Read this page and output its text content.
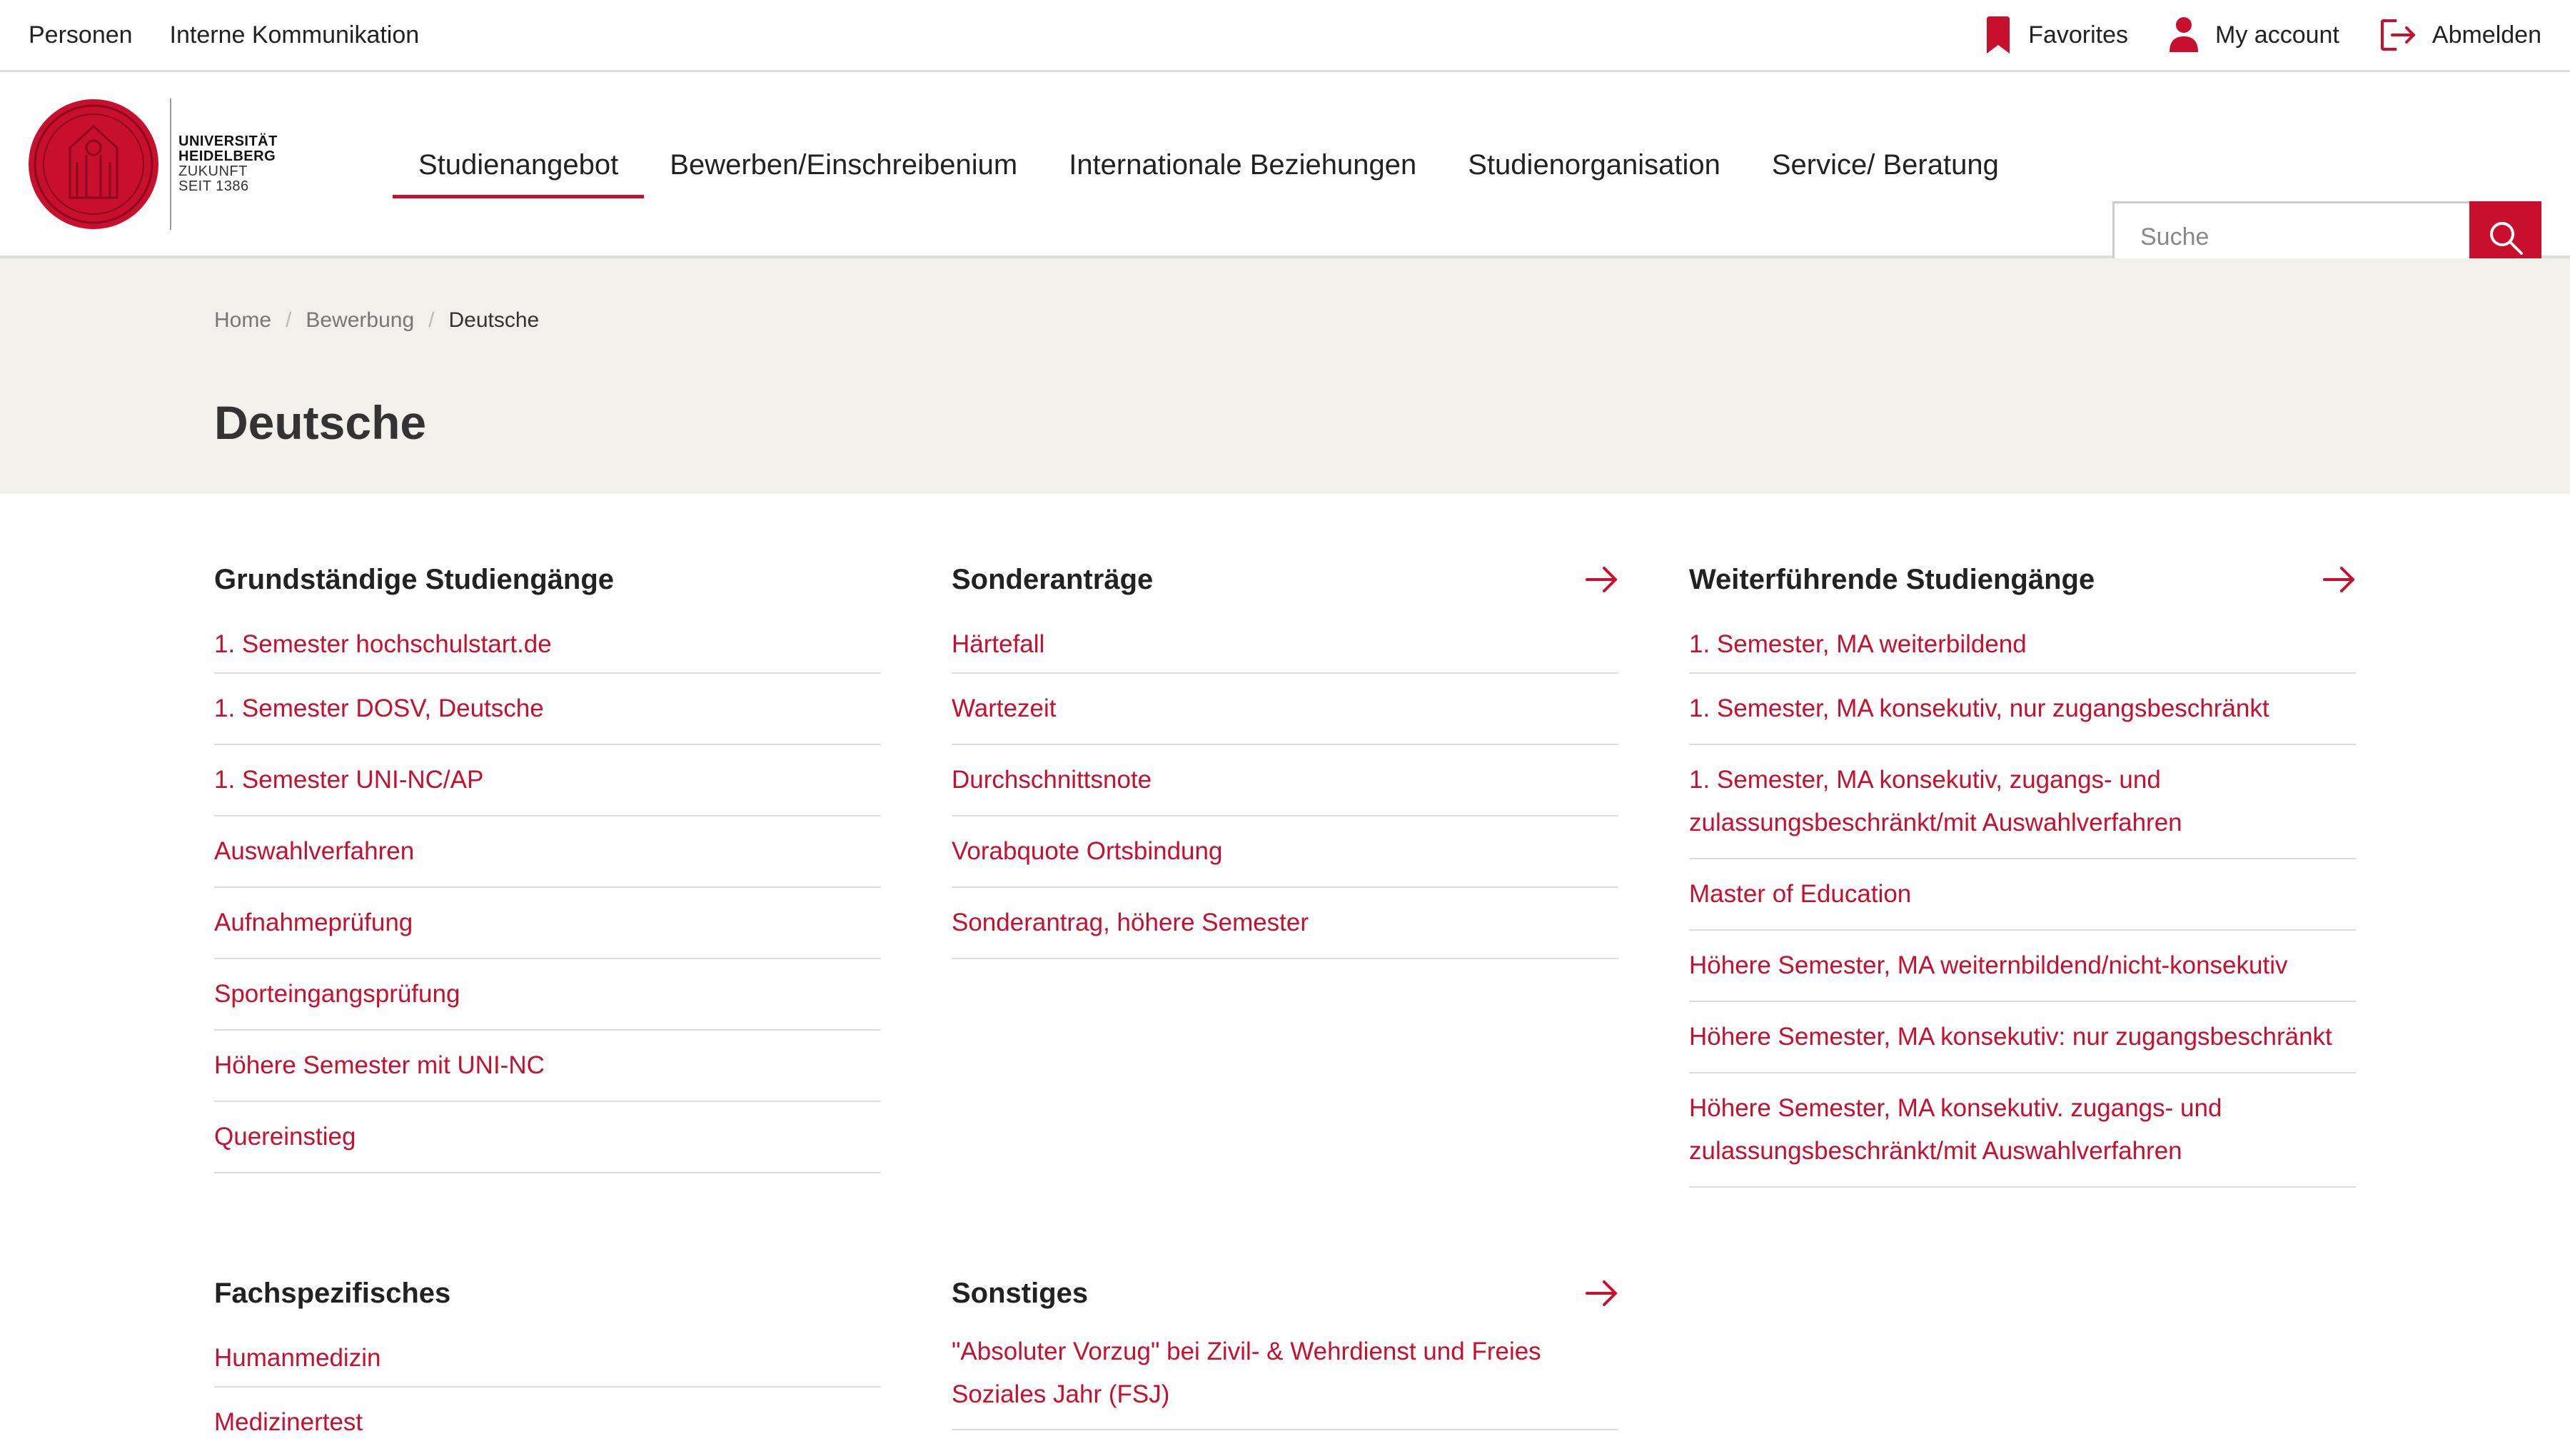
Personen Interne Kommunikation	Favorites	My account	Abmelden
UNIVERSITÄT
HEIDELBERG
ZUKUNFT
SEIT 1386
Studienangebot	Bewerben/Einschreibenium	Internationale Beziehungen	Studienorganisation	Service/ Beratung
Suche
Home / Bewerbung / Deutsche
Deutsche
Grundständige Studiengänge
1. Semester hochschulstart.de
1. Semester DOSV, Deutsche
1. Semester UNI-NC/AP
Auswahlverfahren
Aufnahmeprüfung
Sporteingangsprüfung
Höhere Semester mit UNI-NC
Quereinstieg
Sonderanträge
Härtefall
Wartezeit
Durchschnittsnote
Vorabquote Ortsbindung
Sonderantrag, höhere Semester
Weiterführende Studiengänge
1. Semester, MA weiterbildend
1. Semester, MA konsekutiv, nur zugangsbeschränkt
1. Semester, MA konsekutiv, zugangs- und
zulassungsbeschränkt/mit Auswahlverfahren
Master of Education
Höhere Semester, MA weiternbildend/nicht-konsekutiv
Höhere Semester, MA konsekutiv: nur zugangsbeschränkt
Höhere Semester, MA konsekutiv. zugangs- und
zulassungsbeschränkt/mit Auswahlverfahren
Fachspezifisches
Humanmedizin
Medizinertest
Sonstiges
"Absoluter Vorzug" bei Zivil- & Wehrdienst und Freies
Soziales Jahr (FSJ)
